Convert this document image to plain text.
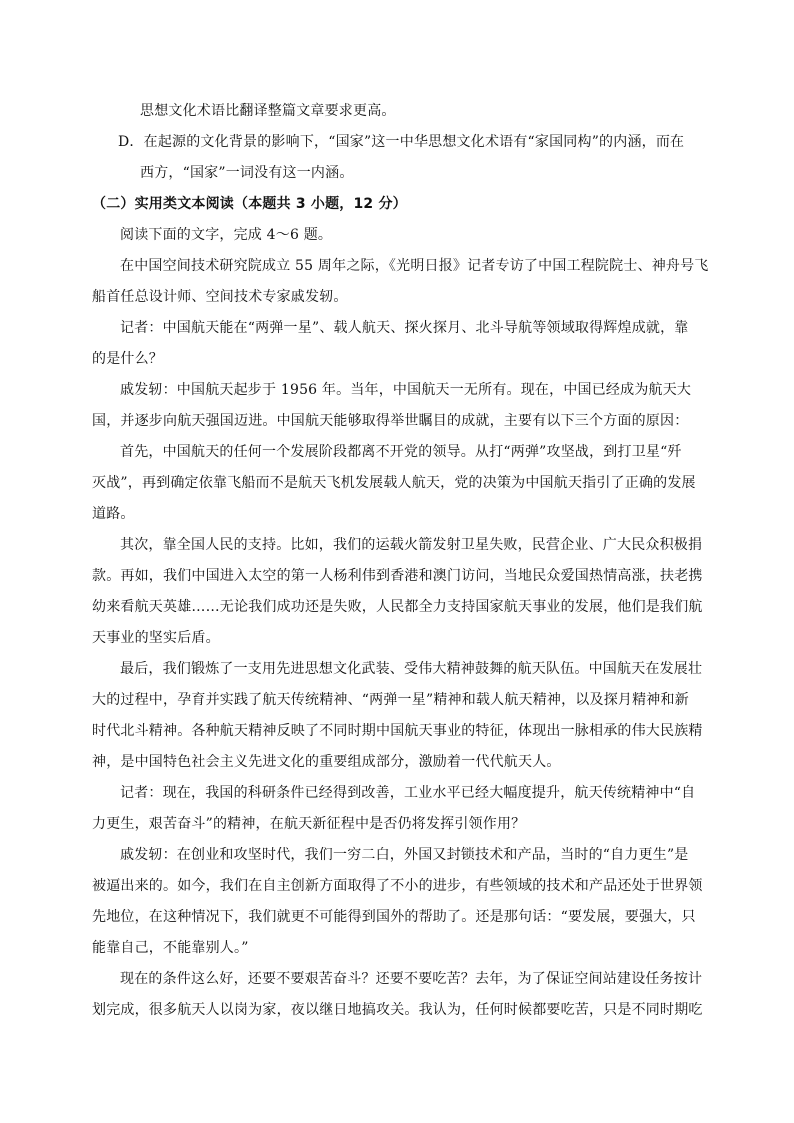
思想文化术语比翻译整篇文章要求更高。
D．在起源的文化背景的影响下，“国家”这一中华思想文化术语有“家国同构”的内涵，而在
西方，“国家”一词没有这一内涵。
（二）实用类文本阅读（本题共 3 小题，12 分）
阅读下面的文字，完成 4～6 题。
在中国空间技术研究院成立 55 周年之际，《光明日报》记者专访了中国工程院院士、神舟号飞
船首任总设计师、空间技术专家戚发轫。
记者：中国航天能在“两弹一星”、载人航天、探火探月、北斗导航等领域取得辉煌成就，靠
的是什么？
戚发轫：中国航天起步于 1956 年。当年，中国航天一无所有。现在，中国已经成为航天大
国，并逐步向航天强国迈进。中国航天能够取得举世瞩目的成就，主要有以下三个方面的原因：
首先，中国航天的任何一个发展阶段都离不开党的领导。从打“两弹”攻坚战，到打卫星“歼
灭战”，再到确定依靠飞船而不是航天飞机发展载人航天，党的决策为中国航天指引了正确的发展
道路。
其次，靠全国人民的支持。比如，我们的运载火箭发射卫星失败，民营企业、广大民众积极捐
款。再如，我们中国进入太空的第一人杨利伟到香港和澳门访问，当地民众爱国热情高涨，扶老携
幼来看航天英雄……无论我们成功还是失败，人民都全力支持国家航天事业的发展，他们是我们航
天事业的坚实后盾。
最后，我们锻炼了一支用先进思想文化武装、受伟大精神鼓舞的航天队伍。中国航天在发展壮
大的过程中，孕育并实践了航天传统精神、“两弹一星”精神和载人航天精神，以及探月精神和新
时代北斗精神。各种航天精神反映了不同时期中国航天事业的特征，体现出一脉相承的伟大民族精
神，是中国特色社会主义先进文化的重要组成部分，激励着一代代航天人。
记者：现在，我国的科研条件已经得到改善，工业水平已经大幅度提升，航天传统精神中“自
力更生，艰苦奋斗”的精神，在航天新征程中是否仍将发挥引领作用？
戚发轫：在创业和攻坚时代，我们一穷二白，外国又封锁技术和产品，当时的“自力更生”是
被逼出来的。如今，我们在自主创新方面取得了不小的进步，有些领域的技术和产品还处于世界领
先地位，在这种情况下，我们就更不可能得到国外的帮助了。还是那句话：“要发展，要强大，只
能靠自己，不能靠别人。”
现在的条件这么好，还要不要艰苦奋斗？还要不要吃苦？去年，为了保证空间站建设任务按计
划完成，很多航天人以岗为家，夜以继日地搞攻关。我认为，任何时候都要吃苦，只是不同时期吃
